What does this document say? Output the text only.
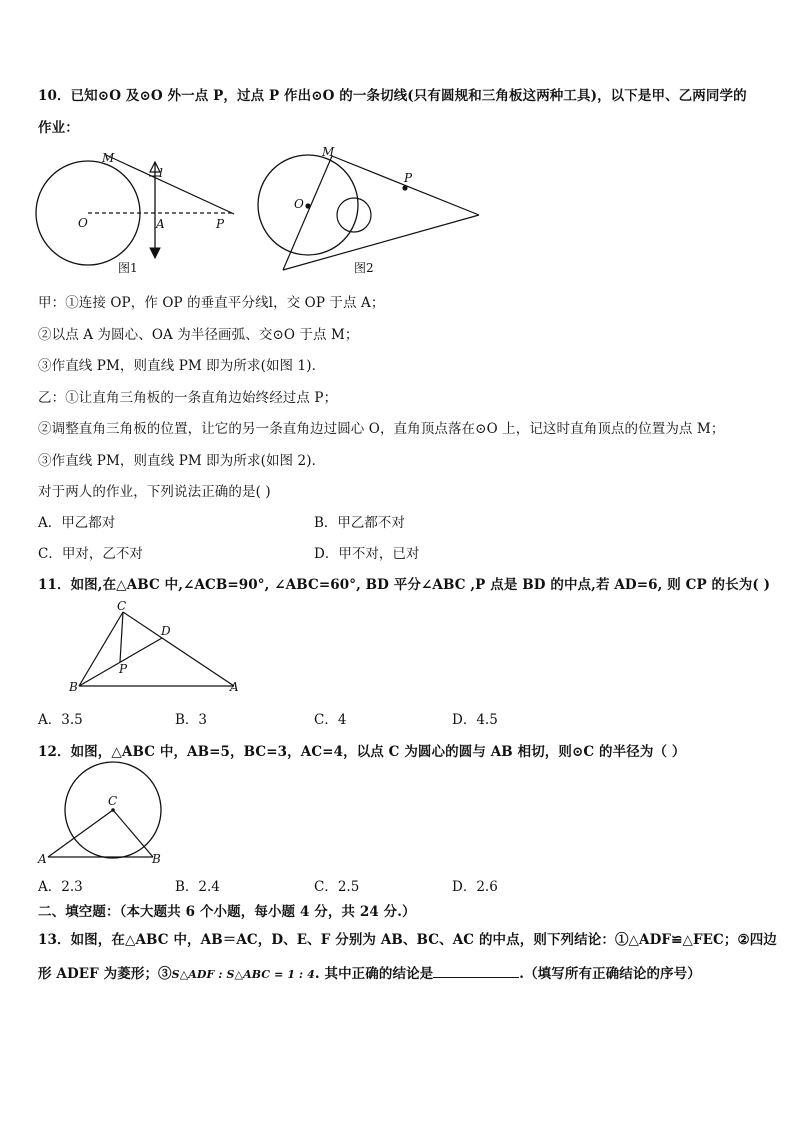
10．已知⊙O 及⊙O 外一点 P，过点 P 作出⊙O 的一条切线(只有圆规和三角板这两种工具)，以下是甲、乙两同学的
作业：
M
l
O	A	P
图1
M
O
P
图2
甲：①连接 OP，作 OP 的垂直平分线l，交 OP 于点 A；
②以点 A 为圆心、OA 为半径画弧、交⊙O 于点 M；
③作直线 PM，则直线 PM 即为所求(如图 1)．
乙：①让直角三角板的一条直角边始终经过点 P；
②调整直角三角板的位置，让它的另一条直角边过圆心 O，直角顶点落在⊙O 上，记这时直角顶点的位置为点 M；
③作直线 PM，则直线 PM 即为所求(如图 2)．
对于两人的作业，下列说法正确的是( )
A．甲乙都对	B．甲乙都不对
C．甲对，乙不对	D．甲不对，已对
11．如图,在△ABC 中,∠ACB=90°, ∠ABC=60°, BD 平分∠ABC ,P 点是 BD 的中点,若 AD=6, 则 CP 的长为( )
C
D
P
B	A
A．3.5	B．3	C．4	D．4.5
12．如图，△ABC 中，AB=5，BC=3，AC=4，以点 C 为圆心的圆与 AB 相切，则⊙C 的半径为（ ）
C
A	B
A．2.3	B．2.4	C．2.5	D．2.6
二、填空题：（本大题共 6 个小题，每小题 4 分，共 24 分.）
13．如图，在△ABC 中，AB＝AC，D、E、F 分别为 AB、BC、AC 的中点，则下列结论：①△ADF≌△FEC；②四边
形 ADEF 为菱形；③S△ADF : S△ABC = 1 : 4. 其中正确的结论是	.（填写所有正确结论的序号）
